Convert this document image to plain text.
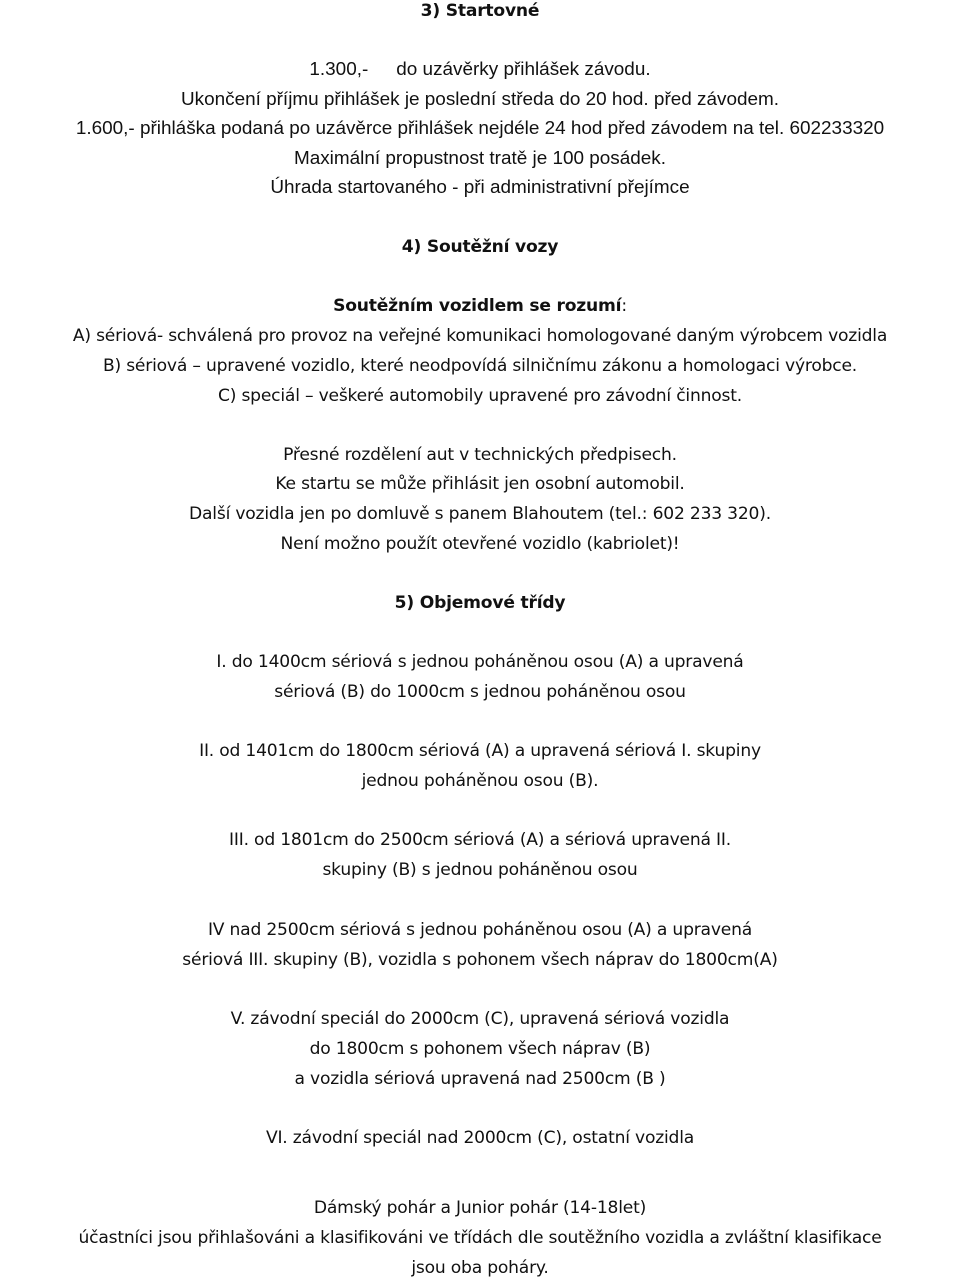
3) Startovné
1.300,- do uzávěrky přihlášek závodu.
Ukončení příjmu přihlášek je poslední středa do 20 hod. před závodem.
1.600,- přihláška podaná po uzávěrce přihlášek nejdéle 24 hod před závodem na tel. 602233320
Maximální propustnost tratě je 100 posádek.
Úhrada startovaného - při administrativní přejímce
4) Soutěžní vozy
Soutěžním vozidlem se rozumí:
A) sériová- schválená pro provoz na veřejné komunikaci homologované daným výrobcem vozidla
B) sériová – upravené vozidlo, které neodpovídá silničnímu zákonu a homologaci výrobce.
C) speciál – veškeré automobily upravené pro závodní činnost.
Přesné rozdělení aut v technických předpisech.
Ke startu se může přihlásit jen osobní automobil.
Další vozidla jen po domluvě s panem Blahoutem (tel.: 602 233 320).
Není možno použít otevřené vozidlo (kabriolet)!
5) Objemové třídy
I. do 1400cm sériová s jednou poháněnou osou (A) a upravená
sériová (B) do 1000cm s jednou poháněnou osou
II. od 1401cm do 1800cm sériová (A) a upravená sériová I. skupiny
jednou poháněnou osou (B).
III. od 1801cm do 2500cm sériová (A) a sériová upravená II.
skupiny (B) s jednou poháněnou osou
IV nad 2500cm sériová s jednou poháněnou osou (A) a upravená
sériová III. skupiny (B), vozidla s pohonem všech náprav do 1800cm(A)
V. závodní speciál do 2000cm (C), upravená sériová vozidla
do 1800cm s pohonem všech náprav (B)
a vozidla sériová upravená nad 2500cm (B )
VI. závodní speciál nad 2000cm (C), ostatní vozidla
Dámský pohár a Junior pohár (14-18let)
účastníci jsou přihlašováni a klasifikováni ve třídách dle soutěžního vozidla a zvláštní klasifikace
jsou oba poháry.
